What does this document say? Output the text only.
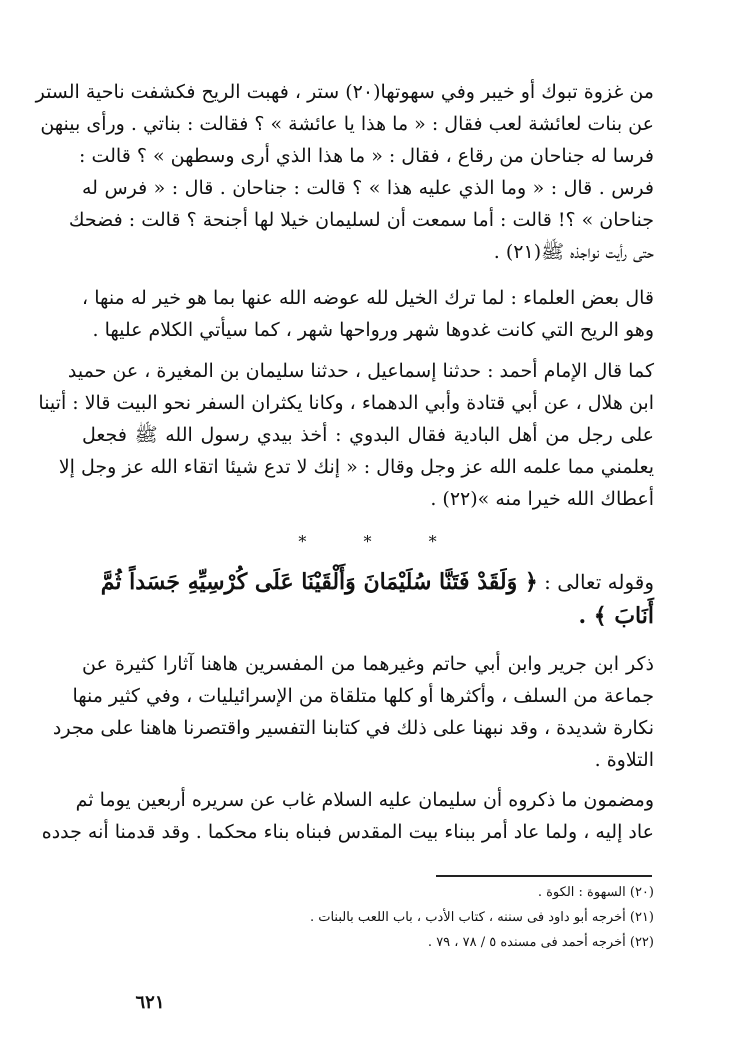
من غزوة تبوك أو خيبر وفي سهوتها(٢٠) ستر ، فهبت الريح فكشفت ناحية الستر
عن بنات لعائشة لعب فقال : « ما هذا يا عائشة » ؟ فقالت : بناتي . ورأى بينهن
فرسا له جناحان من رقاع ، فقال : « ما هذا الذي أرى وسطهن » ؟ قالت :
فرس . قال : « وما الذي عليه هذا » ؟ قالت : جناحان . قال : « فرس له
جناحان » ؟! قالت : أما سمعت أن لسليمان خيلا لها أجنحة ؟ قالت : فضحك
حتى رأيت نواجذه ﷺ(٢١) .
قال بعض العلماء : لما ترك الخيل لله عوضه الله عنها بما هو خير له منها ،
وهو الريح التي كانت غدوها شهر ورواحها شهر ، كما سيأتي الكلام عليها .
كما قال الإمام أحمد : حدثنا إسماعيل ، حدثنا سليمان بن المغيرة ، عن حميد
ابن هلال ، عن أبي قتادة وأبي الدهماء ، وكانا يكثران السفر نحو البيت قالا : أتينا
على رجل من أهل البادية فقال البدوي : أخذ بيدي رسول الله ﷺ فجعل
يعلمني مما علمه الله عز وجل وقال : « إنك لا تدع شيئا اتقاء الله عز وجل إلا
أعطاك الله خيرا منه »(٢٢) .
* * *
وقوله تعالى : ﴿ وَلَقَدْ فَتَنَّا سُلَيْمَانَ وَأَلْقَيْنَا عَلَى كُرْسِيِّهِ جَسَداً ثُمَّ
أَنَابَ ﴾ .
ذكر ابن جرير وابن أبي حاتم وغيرهما من المفسرين هاهنا آثارا كثيرة عن
جماعة من السلف ، وأكثرها أو كلها متلقاة من الإسرائيليات ، وفي كثير منها
نكارة شديدة ، وقد نبهنا على ذلك في كتابنا التفسير واقتصرنا هاهنا على مجرد
التلاوة .
ومضمون ما ذكروه أن سليمان عليه السلام غاب عن سريره أربعين يوما ثم
عاد إليه ، ولما عاد أمر ببناء بيت المقدس فبناه بناء محكما . وقد قدمنا أنه جدده
(٢٠) السهوة : الكوة .
(٢١) أخرجه أبو داود فى سننه ، كتاب الأدب ، باب اللعب بالبنات .
(٢٢) أخرجه أحمد فى مسنده ٥ / ٧٨ ، ٧٩ .
٦٢١
